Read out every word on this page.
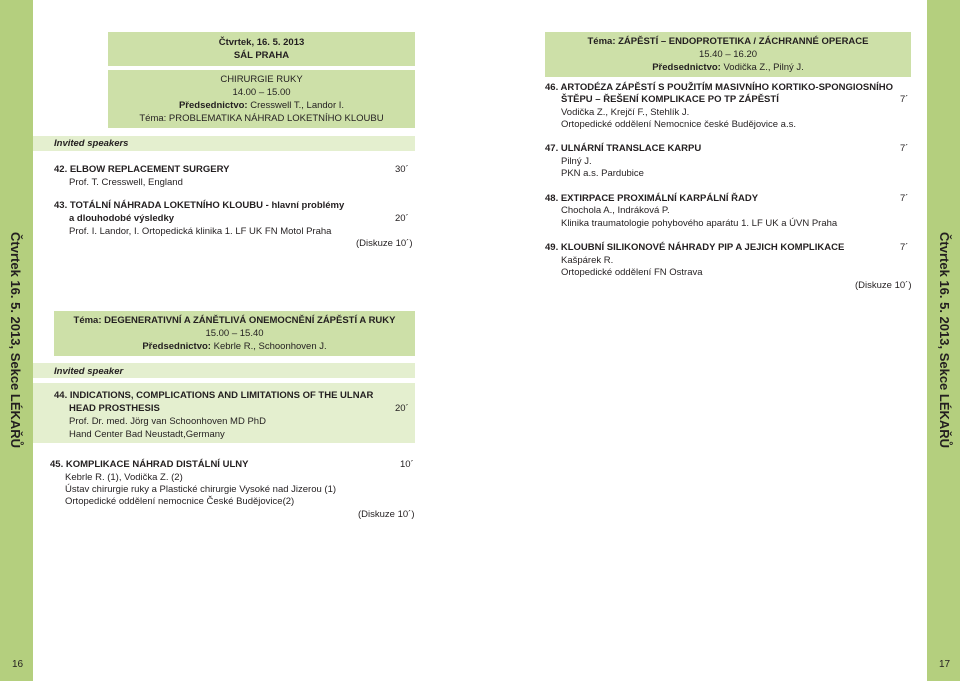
Čtvrtek 16. 5. 2013, Sekce LÉKAŘŮ	Čtvrtek 16. 5. 2013, Sekce LÉKAŘŮ
16	17
Čtvrtek, 16. 5. 2013
SÁL PRAHA
CHIRURGIE RUKY
14.00 – 15.00
Předsednictvo: Cresswell T., Landor I.
Téma: PROBLEMATIKA NÁHRAD LOKETNÍHO KLOUBU
Invited speakers
42. ELBOW REPLACEMENT SURGERY	30´
Prof. T. Cresswell, England
43. TOTÁLNÍ NÁHRADA LOKETNÍHO KLOUBU - hlavní problémy
a dlouhodobé výsledky	20´
Prof. I. Landor, I. Ortopedická klinika 1. LF UK FN Motol Praha
(Diskuze 10´)
Téma: DEGENERATIVNÍ A ZÁNĚTLIVÁ ONEMOCNĚNÍ ZÁPĚSTÍ A RUKY
15.00 – 15.40
Předsednictvo: Kebrle R., Schoonhoven J.
Invited speaker
44. INDICATIONS, COMPLICATIONS AND LIMITATIONS OF THE ULNAR
HEAD PROSTHESIS	20´
Prof. Dr. med. Jörg van Schoonhoven MD PhD
Hand Center Bad Neustadt,Germany
45. KOMPLIKACE NÁHRAD DISTÁLNÍ ULNY	10´
Kebrle R. (1), Vodička Z. (2)
Ústav chirurgie ruky a Plastické chirurgie Vysoké nad Jizerou (1)
Ortopedické oddělení nemocnice České Budějovice(2)
(Diskuze 10´)
Téma: ZÁPĚSTÍ – ENDOPROTETIKA / ZÁCHRANNÉ OPERACE
15.40 – 16.20
Předsednictvo: Vodička Z., Pilný J.
46. ARTODÉZA ZÁPĚSTÍ S POUŽITÍM MASIVNÍHO KORTIKO-SPONGIOSNÍHO
ŠTĚPU – ŘEŠENÍ KOMPLIKACE PO TP ZÁPĚSTÍ	7´
Vodička Z., Krejčí F., Stehlík J.
Ortopedické oddělení Nemocnice české Budějovice a.s.
47. ULNÁRNÍ TRANSLACE KARPU	7´
Pilný J.
PKN a.s. Pardubice
48. EXTIRPACE PROXIMÁLNÍ KARPÁLNÍ ŘADY	7´
Chochola A., Indráková P.
Klinika traumatologie pohybového aparátu 1. LF UK a ÚVN Praha
49. KLOUBNÍ SILIKONOVÉ NÁHRADY PIP A JEJICH KOMPLIKACE	7´
Kašpárek R.
Ortopedické oddělení FN Ostrava
(Diskuze 10´)
